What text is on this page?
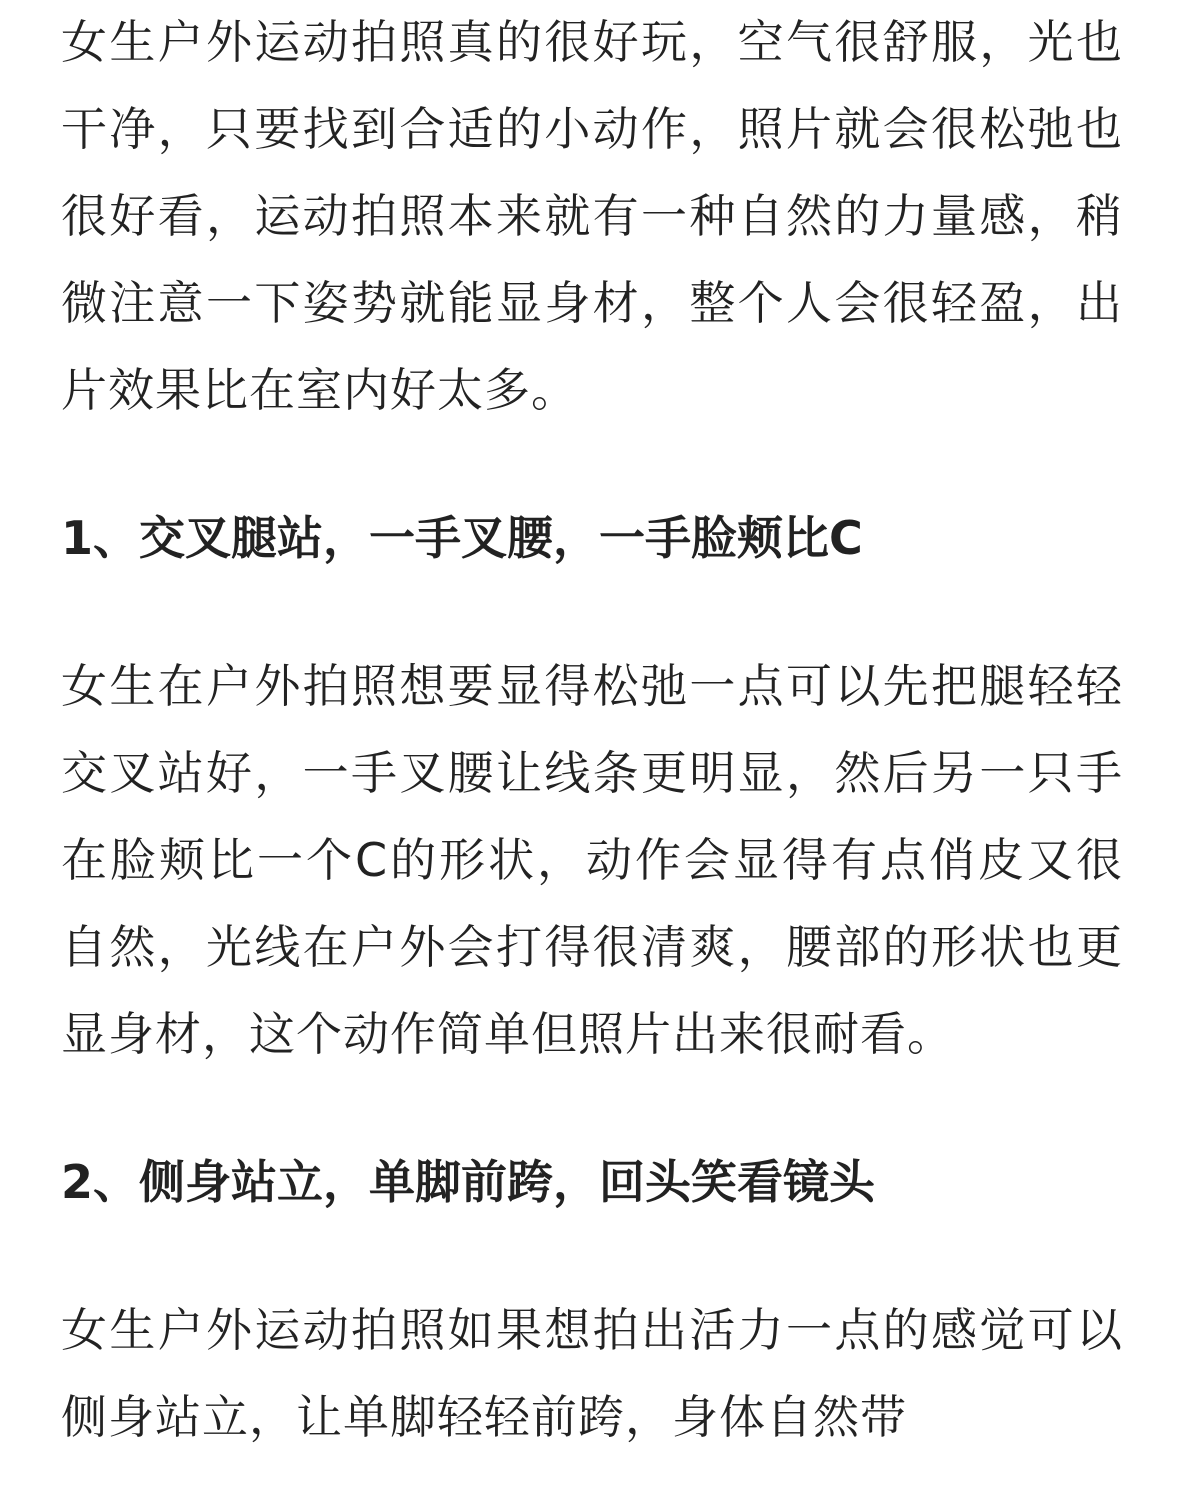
女生户外运动拍照真的很好玩，空气很舒服，光也干净，只要找到合适的小动作，照片就会很松弛也很好看，运动拍照本来就有一种自然的力量感，稍微注意一下姿势就能显身材，整个人会很轻盈，出片效果比在室内好太多。

1、交叉腿站，一手叉腰，一手脸颊比C

女生在户外拍照想要显得松弛一点可以先把腿轻轻交叉站好，一手叉腰让线条更明显，然后另一只手在脸颊比一个C的形状，动作会显得有点俏皮又很自然，光线在户外会打得很清爽，腰部的形状也更显身材，这个动作简单但照片出来很耐看。

2、侧身站立，单脚前跨，回头笑看镜头

女生户外运动拍照如果想拍出活力一点的感觉可以侧身站立，让单脚轻轻前跨，身体自然带
